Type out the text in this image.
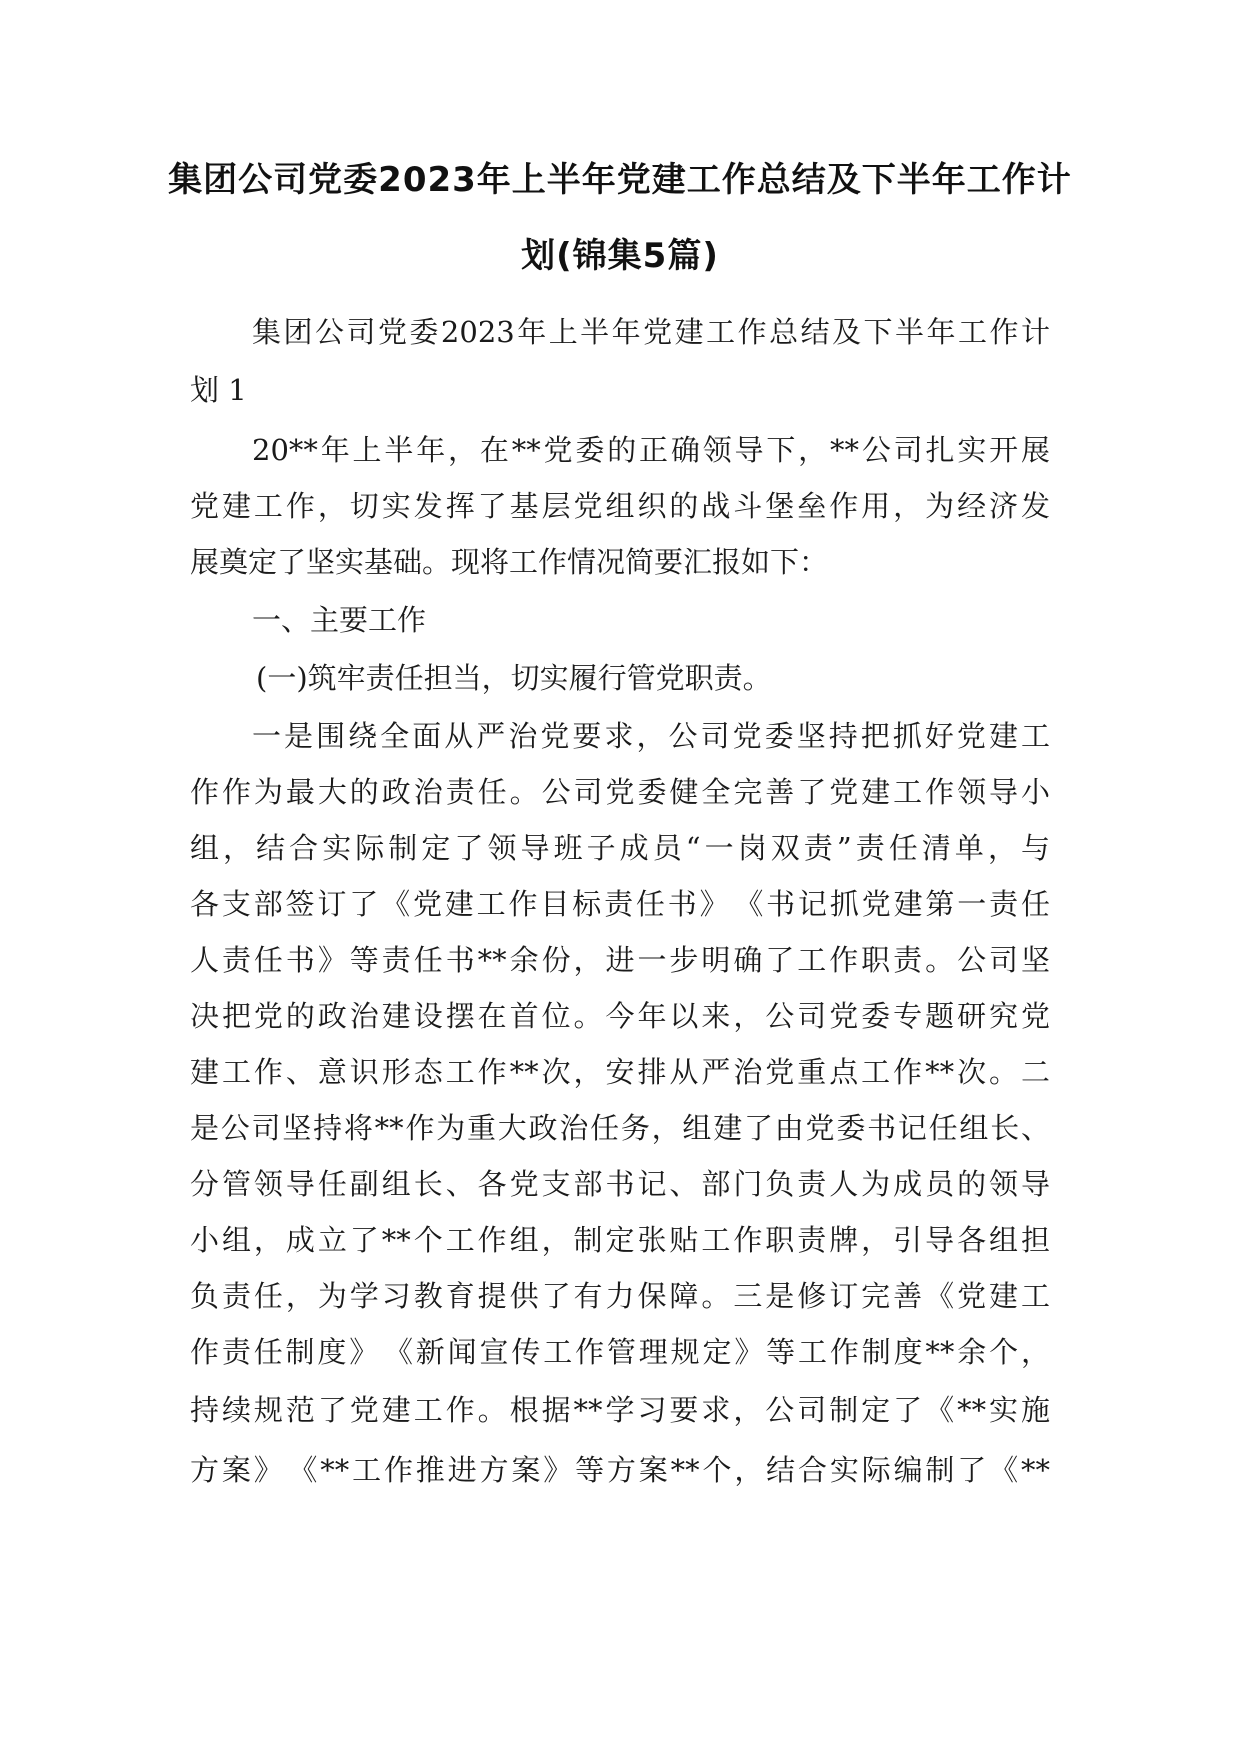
集团公司党委2023年上半年党建工作总结及下半年工作计
划(锦集5篇)
集团公司党委2023年上半年党建工作总结及下半年工作计
划 1
20**年上半年，在**党委的正确领导下，**公司扎实开展
党建工作，切实发挥了基层党组织的战斗堡垒作用，为经济发
展奠定了坚实基础。现将工作情况简要汇报如下：
一、主要工作
(一)筑牢责任担当，切实履行管党职责。
一是围绕全面从严治党要求，公司党委坚持把抓好党建工
作作为最大的政治责任。公司党委健全完善了党建工作领导小
组，结合实际制定了领导班子成员“一岗双责”责任清单，与
各支部签订了《党建工作目标责任书》　《书记抓党建第一责任
人责任书》等责任书**余份，进一步明确了工作职责。公司坚
决把党的政治建设摆在首位。今年以来，公司党委专题研究党
建工作、意识形态工作**次，安排从严治党重点工作**次。二
是公司坚持将**作为重大政治任务，组建了由党委书记任组长、
分管领导任副组长、各党支部书记、部门负责人为成员的领导
小组，成立了**个工作组，制定张贴工作职责牌，引导各组担
负责任，为学习教育提供了有力保障。三是修订完善《党建工
作责任制度》　《新闻宣传工作管理规定》等工作制度**余个，
持续规范了党建工作。根据**学习要求，公司制定了《**实施
方案》　《**工作推进方案》等方案**个，结合实际编制了《**
